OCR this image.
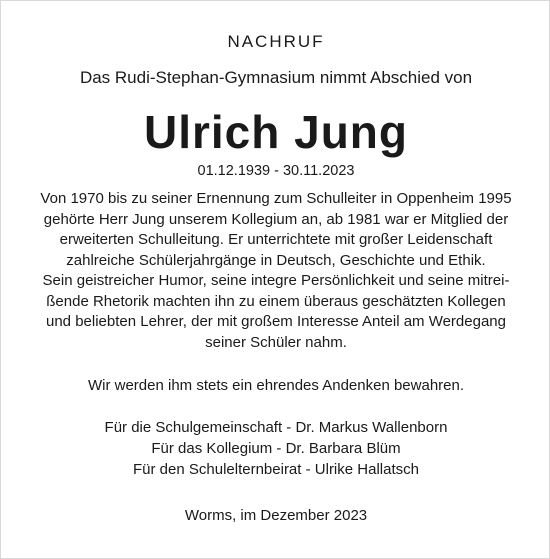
NACHRUF
Das Rudi-Stephan-Gymnasium nimmt Abschied von
Ulrich Jung
01.12.1939 - 30.11.2023
Von 1970 bis zu seiner Ernennung zum Schulleiter in Oppenheim 1995
gehörte Herr Jung unserem Kollegium an, ab 1981 war er Mitglied der
erweiterten Schulleitung. Er unterrichtete mit großer Leidenschaft
zahlreiche Schülerjahrgänge in Deutsch, Geschichte und Ethik.
Sein geistreicher Humor, seine integre Persönlichkeit und seine mitrei-
ßende Rhetorik machten ihn zu einem überaus geschätzten Kollegen
und beliebten Lehrer, der mit großem Interesse Anteil am Werdegang
seiner Schüler nahm.
Wir werden ihm stets ein ehrendes Andenken bewahren.
Für die Schulgemeinschaft - Dr. Markus Wallenborn
Für das Kollegium - Dr. Barbara Blüm
Für den Schulelternbeirat - Ulrike Hallatsch
Worms, im Dezember 2023
